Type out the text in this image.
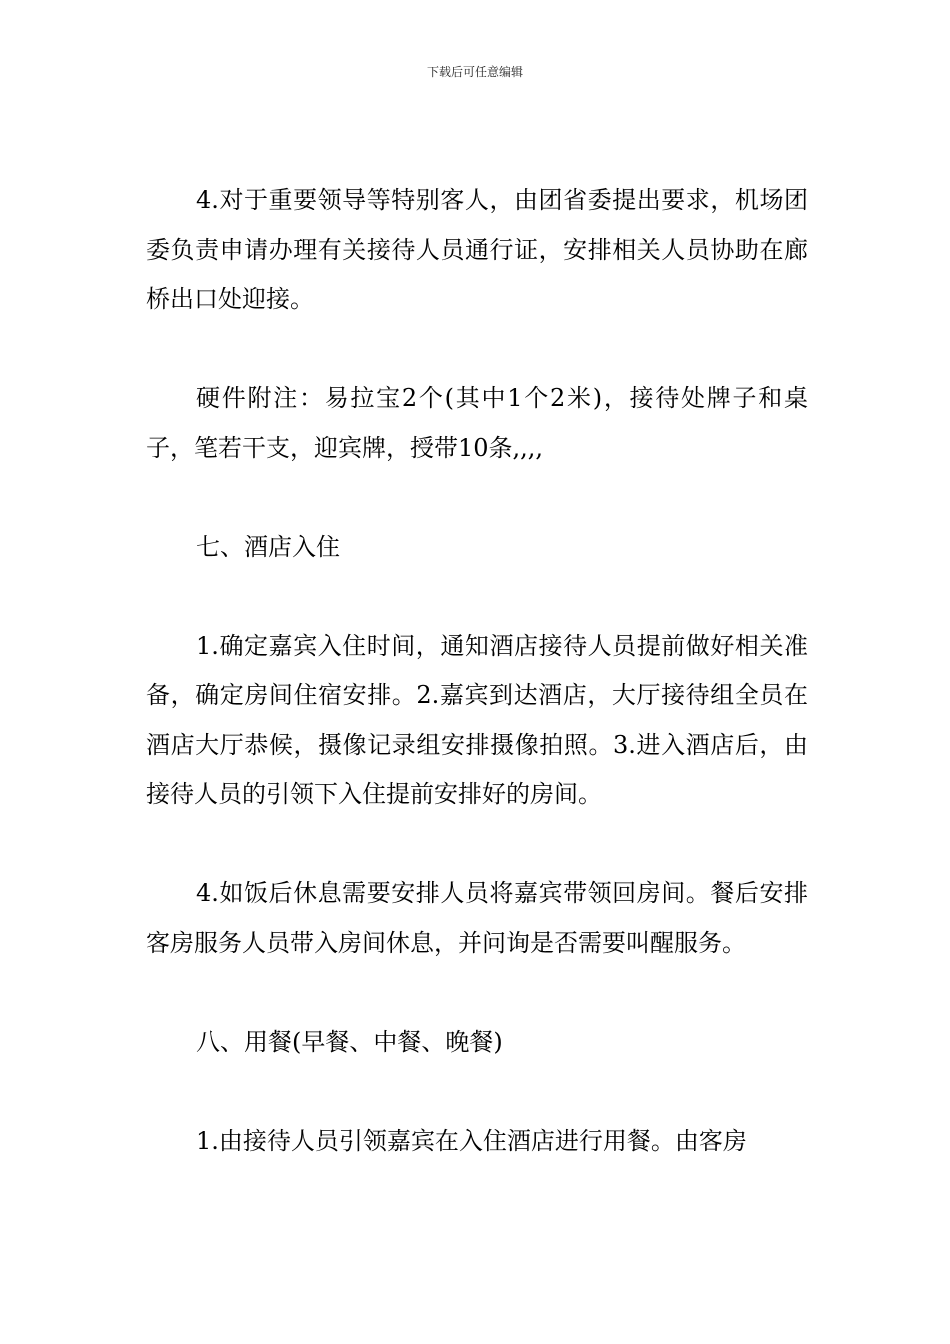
下载后可任意编辑

4.对于重要领导等特别客人，由团省委提出要求，机场团委负责申请办理有关接待人员通行证，安排相关人员协助在廊桥出口处迎接。

硬件附注：易拉宝2个(其中1个2米)，接待处牌子和桌子，笔若干支，迎宾牌，授带10条,,,,

七、酒店入住

1.确定嘉宾入住时间，通知酒店接待人员提前做好相关准备，确定房间住宿安排。2.嘉宾到达酒店，大厅接待组全员在酒店大厅恭候，摄像记录组安排摄像拍照。3.进入酒店后，由接待人员的引领下入住提前安排好的房间。

4.如饭后休息需要安排人员将嘉宾带领回房间。餐后安排客房服务人员带入房间休息，并问询是否需要叫醒服务。

八、用餐(早餐、中餐、晚餐)

1.由接待人员引领嘉宾在入住酒店进行用餐。由客房
